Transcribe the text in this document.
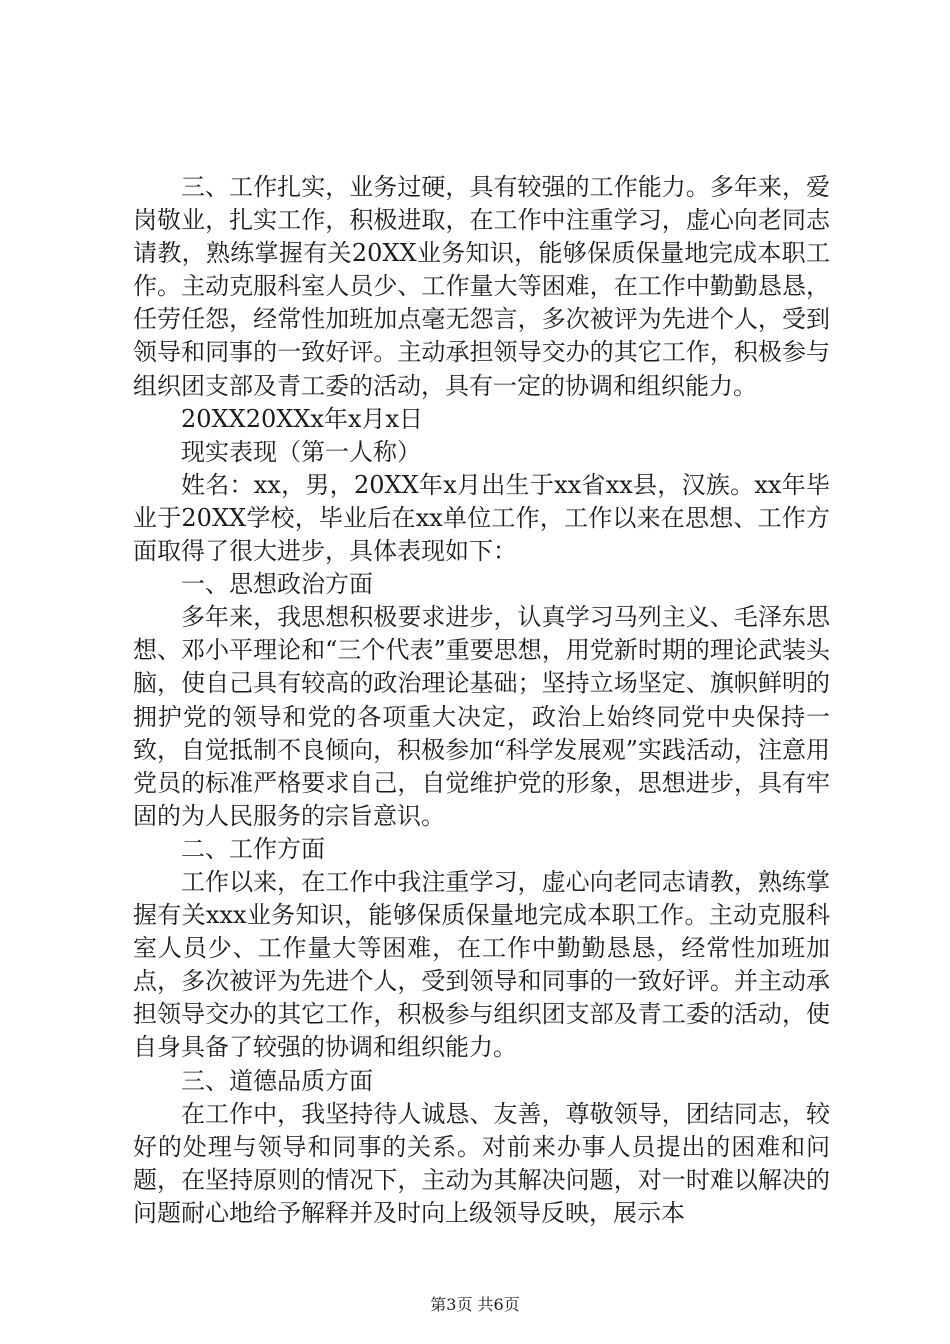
三、工作扎实，业务过硬，具有较强的工作能力。多年来，爱岗敬业，扎实工作，积极进取，在工作中注重学习，虚心向老同志请教，熟练掌握有关20XX业务知识，能够保质保量地完成本职工作。主动克服科室人员少、工作量大等困难，在工作中勤勤恳恳，任劳任怨，经常性加班加点毫无怨言，多次被评为先进个人，受到领导和同事的一致好评。主动承担领导交办的其它工作，积极参与组织团支部及青工委的活动，具有一定的协调和组织能力。

20XX20XXx年x月x日

现实表现（第一人称）

姓名：xx，男，20XX年x月出生于xx省xx县，汉族。xx年毕业于20XX学校，毕业后在xx单位工作，工作以来在思想、工作方面取得了很大进步，具体表现如下：

一、思想政治方面

多年来，我思想积极要求进步，认真学习马列主义、毛泽东思想、邓小平理论和“三个代表”重要思想，用党新时期的理论武装头脑，使自己具有较高的政治理论基础；坚持立场坚定、旗帜鲜明的拥护党的领导和党的各项重大决定，政治上始终同党中央保持一致，自觉抵制不良倾向，积极参加“科学发展观”实践活动，注意用党员的标准严格要求自己，自觉维护党的形象，思想进步，具有牢固的为人民服务的宗旨意识。

二、工作方面

工作以来，在工作中我注重学习，虚心向老同志请教，熟练掌握有关xxx业务知识，能够保质保量地完成本职工作。主动克服科室人员少、工作量大等困难，在工作中勤勤恳恳，经常性加班加点，多次被评为先进个人，受到领导和同事的一致好评。并主动承担领导交办的其它工作，积极参与组织团支部及青工委的活动，使自身具备了较强的协调和组织能力。

三、道德品质方面

在工作中，我坚持待人诚恳、友善，尊敬领导，团结同志，较好的处理与领导和同事的关系。对前来办事人员提出的困难和问题，在坚持原则的情况下，主动为其解决问题，对一时难以解决的问题耐心地给予解释并及时向上级领导反映，展示本

第3页 共6页
